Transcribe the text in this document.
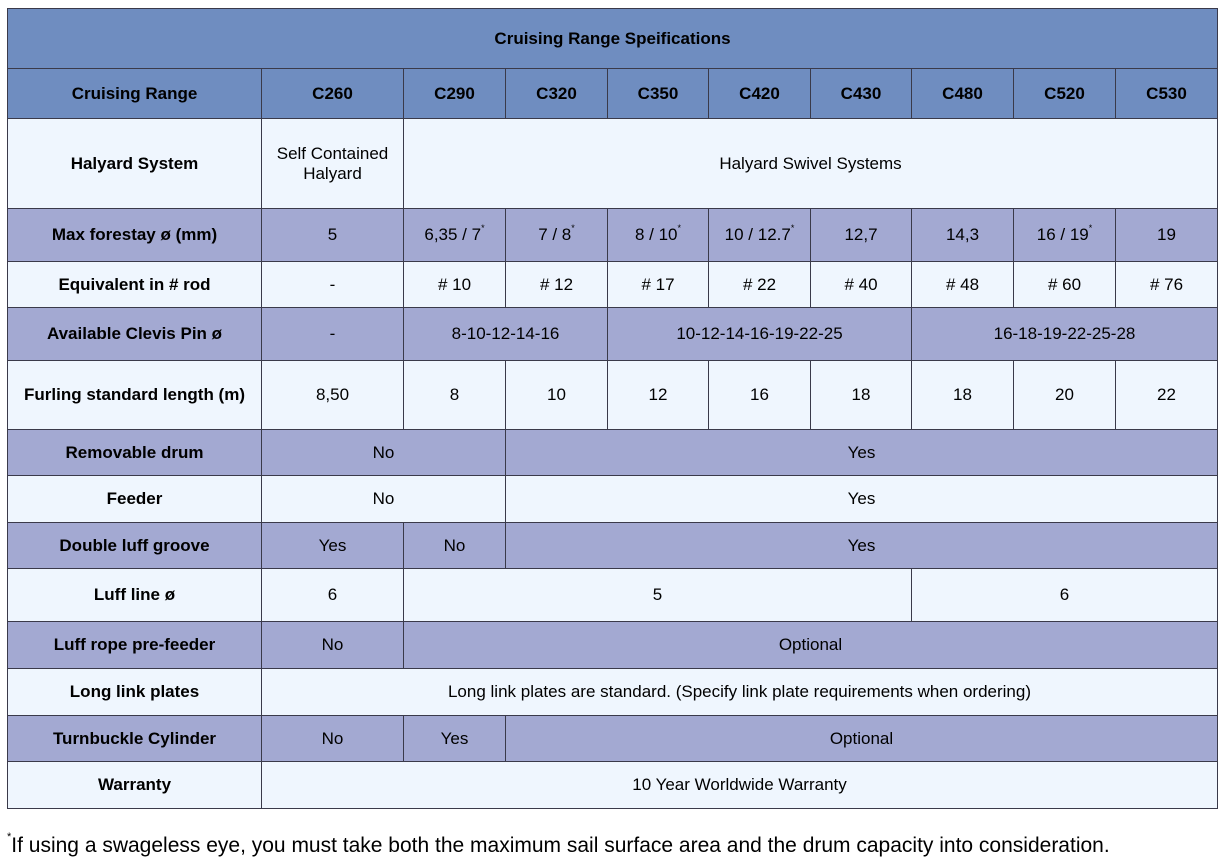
Cruising Range Speifications									
Cruising Range	C260	C290	C320	C350	C420	C430	C480	C520	C530
Halyard System	Self Contained Halyard	Halyard Swivel Systems							
Max forestay ø (mm)	5	6,35 / 7*	7 / 8*	8 / 10*	10 / 12.7*	12,7	14,3	16 / 19*	19
Equivalent in # rod	-	# 10	# 12	# 17	# 22	# 40	# 48	# 60	# 76
Available Clevis Pin ø	-	8-10-12-14-16		10-12-14-16-19-22-25			16-18-19-22-25-28		
Furling standard length (m)	8,50	8	10	12	16	18	18	20	22
Removable drum	No		Yes						
Feeder	No		Yes						
Double luff groove	Yes	No	Yes						
Luff line ø	6	5					6		
Luff rope pre-feeder	No	Optional							
Long link plates	Long link plates are standard. (Specify link plate requirements when ordering)								
Turnbuckle Cylinder	No	Yes	Optional						
Warranty	10 Year Worldwide Warranty								
*If using a swageless eye, you must take both the maximum sail surface area and the drum capacity into consideration.
